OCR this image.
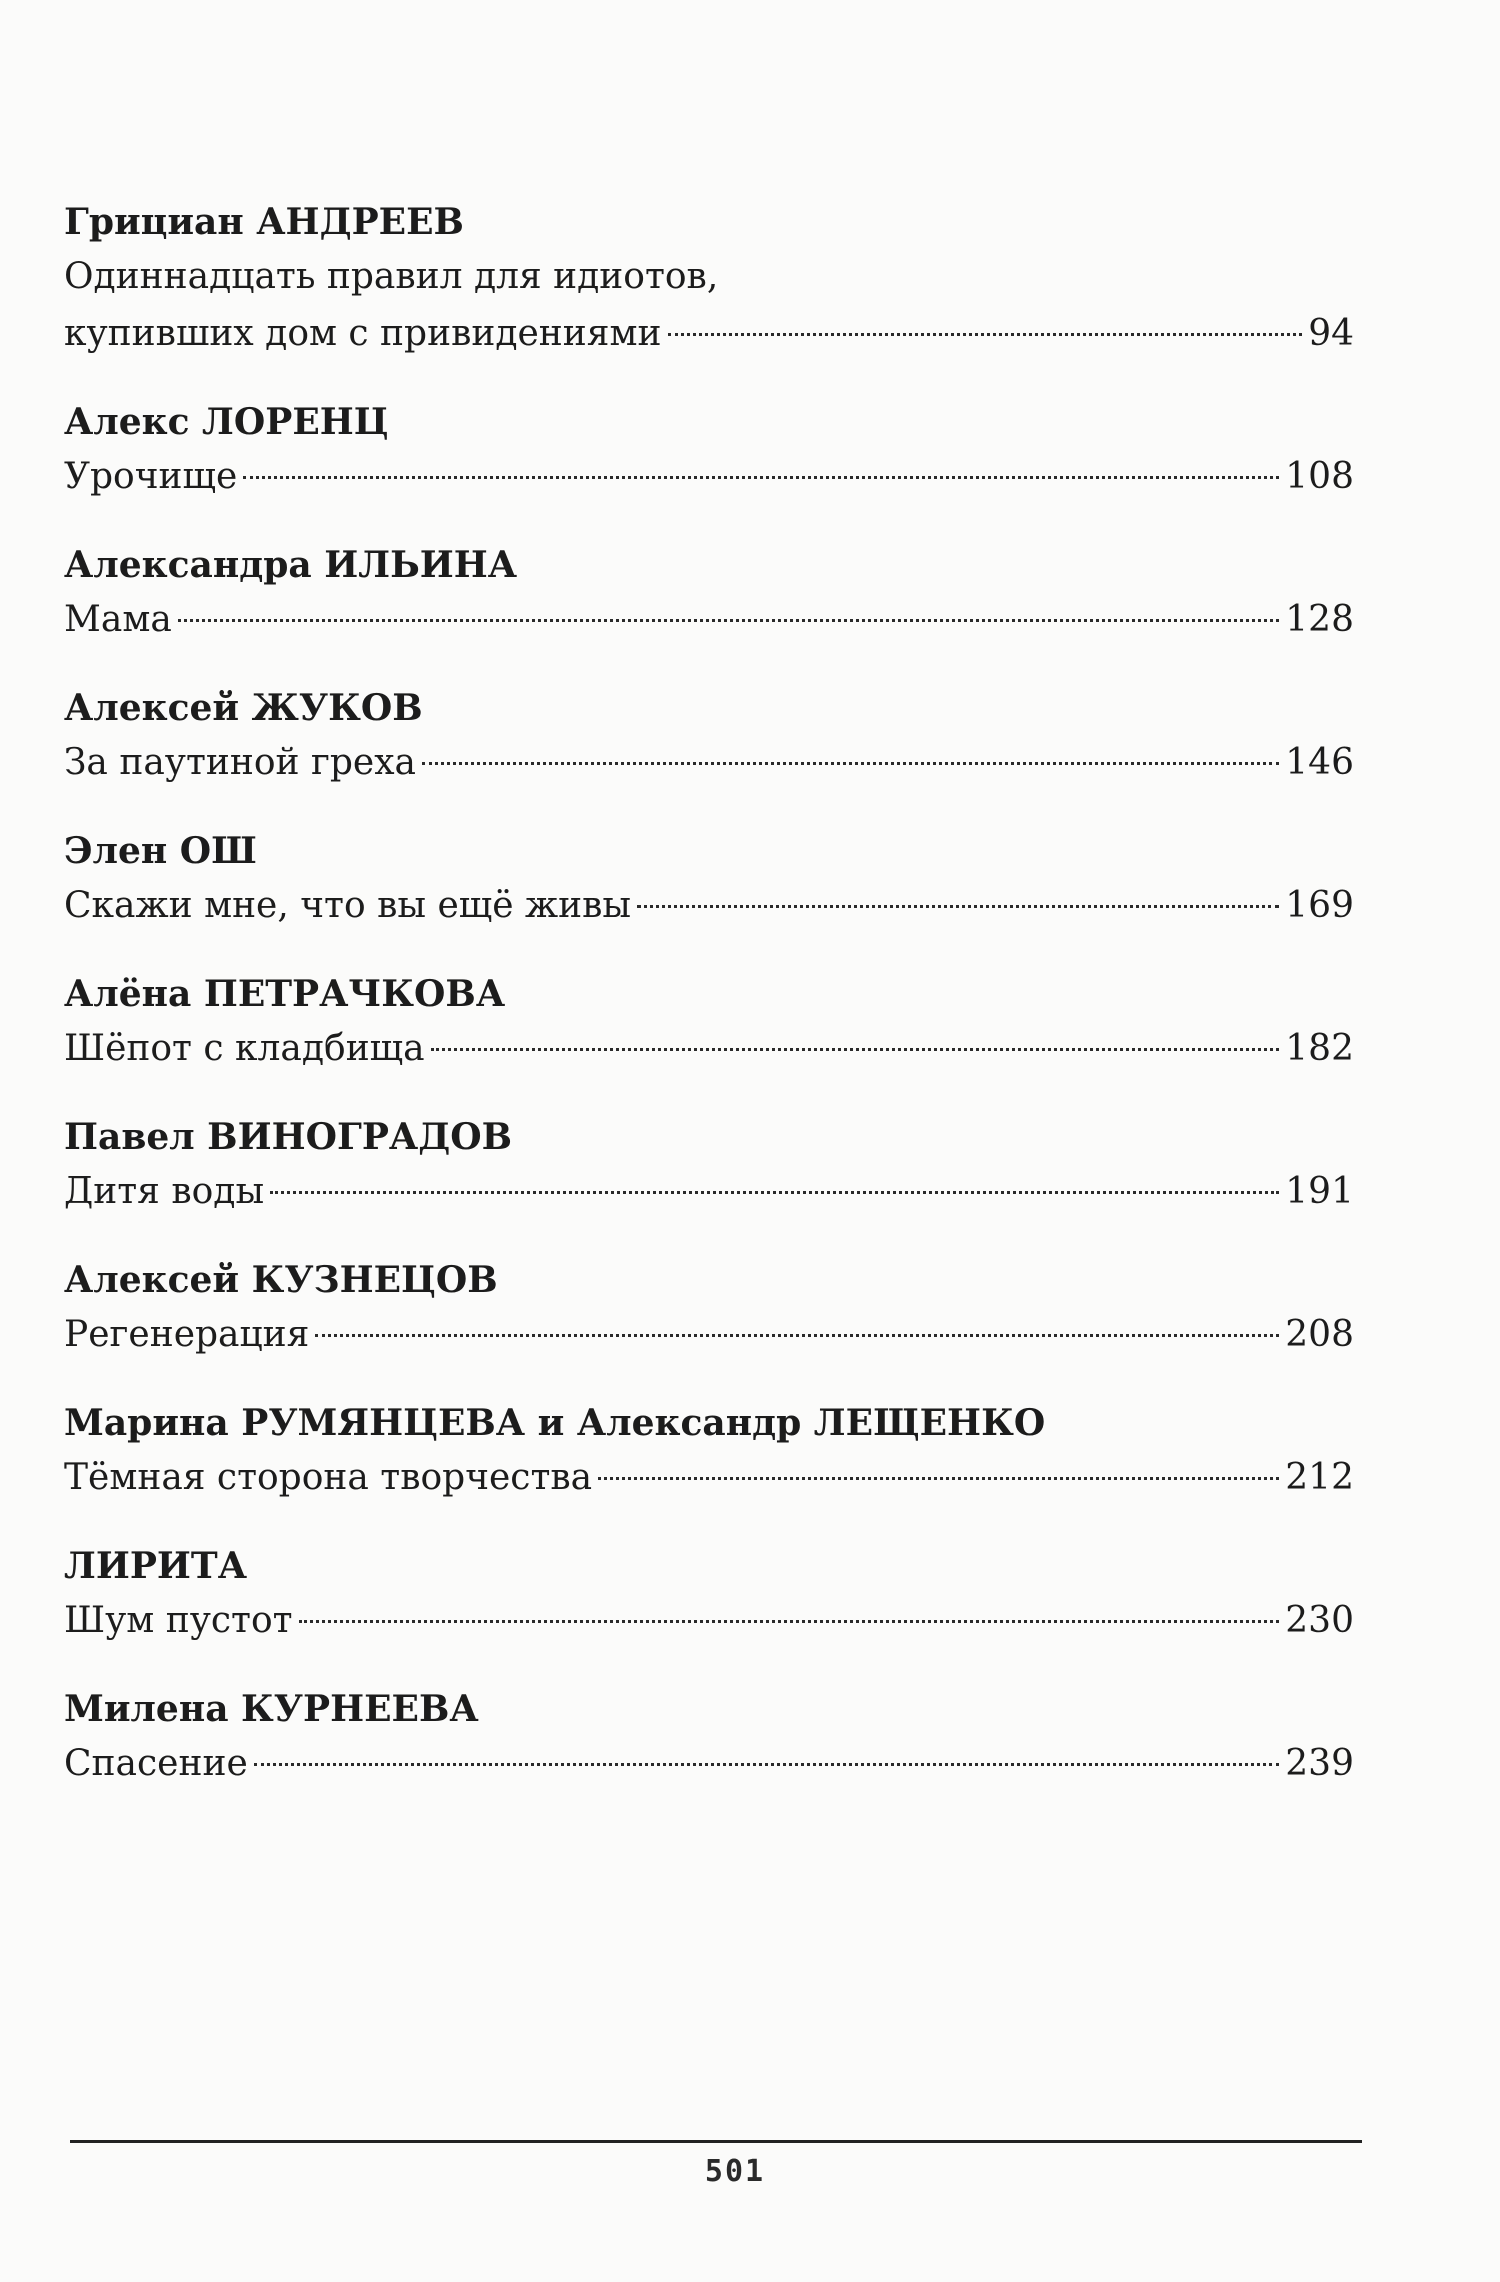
Грициан АНДРЕЕВ
Одиннадцать правил для идиотов,
купивших дом с привидениями	94
Алекс ЛОРЕНЦ
Урочище	108
Александра ИЛЬИНА
Мама	128
Алексей ЖУКОВ
За паутиной греха	146
Элен ОШ
Скажи мне, что вы ещё живы	169
Алёна ПЕТРАЧКОВА
Шёпот с кладбища	182
Павел ВИНОГРАДОВ
Дитя воды	191
Алексей КУЗНЕЦОВ
Регенерация	208
Марина РУМЯНЦЕВА и Александр ЛЕЩЕНКО
Тёмная сторона творчества	212
ЛИРИТА
Шум пустот	230
Милена КУРНЕЕВА
Спасение	239
501
